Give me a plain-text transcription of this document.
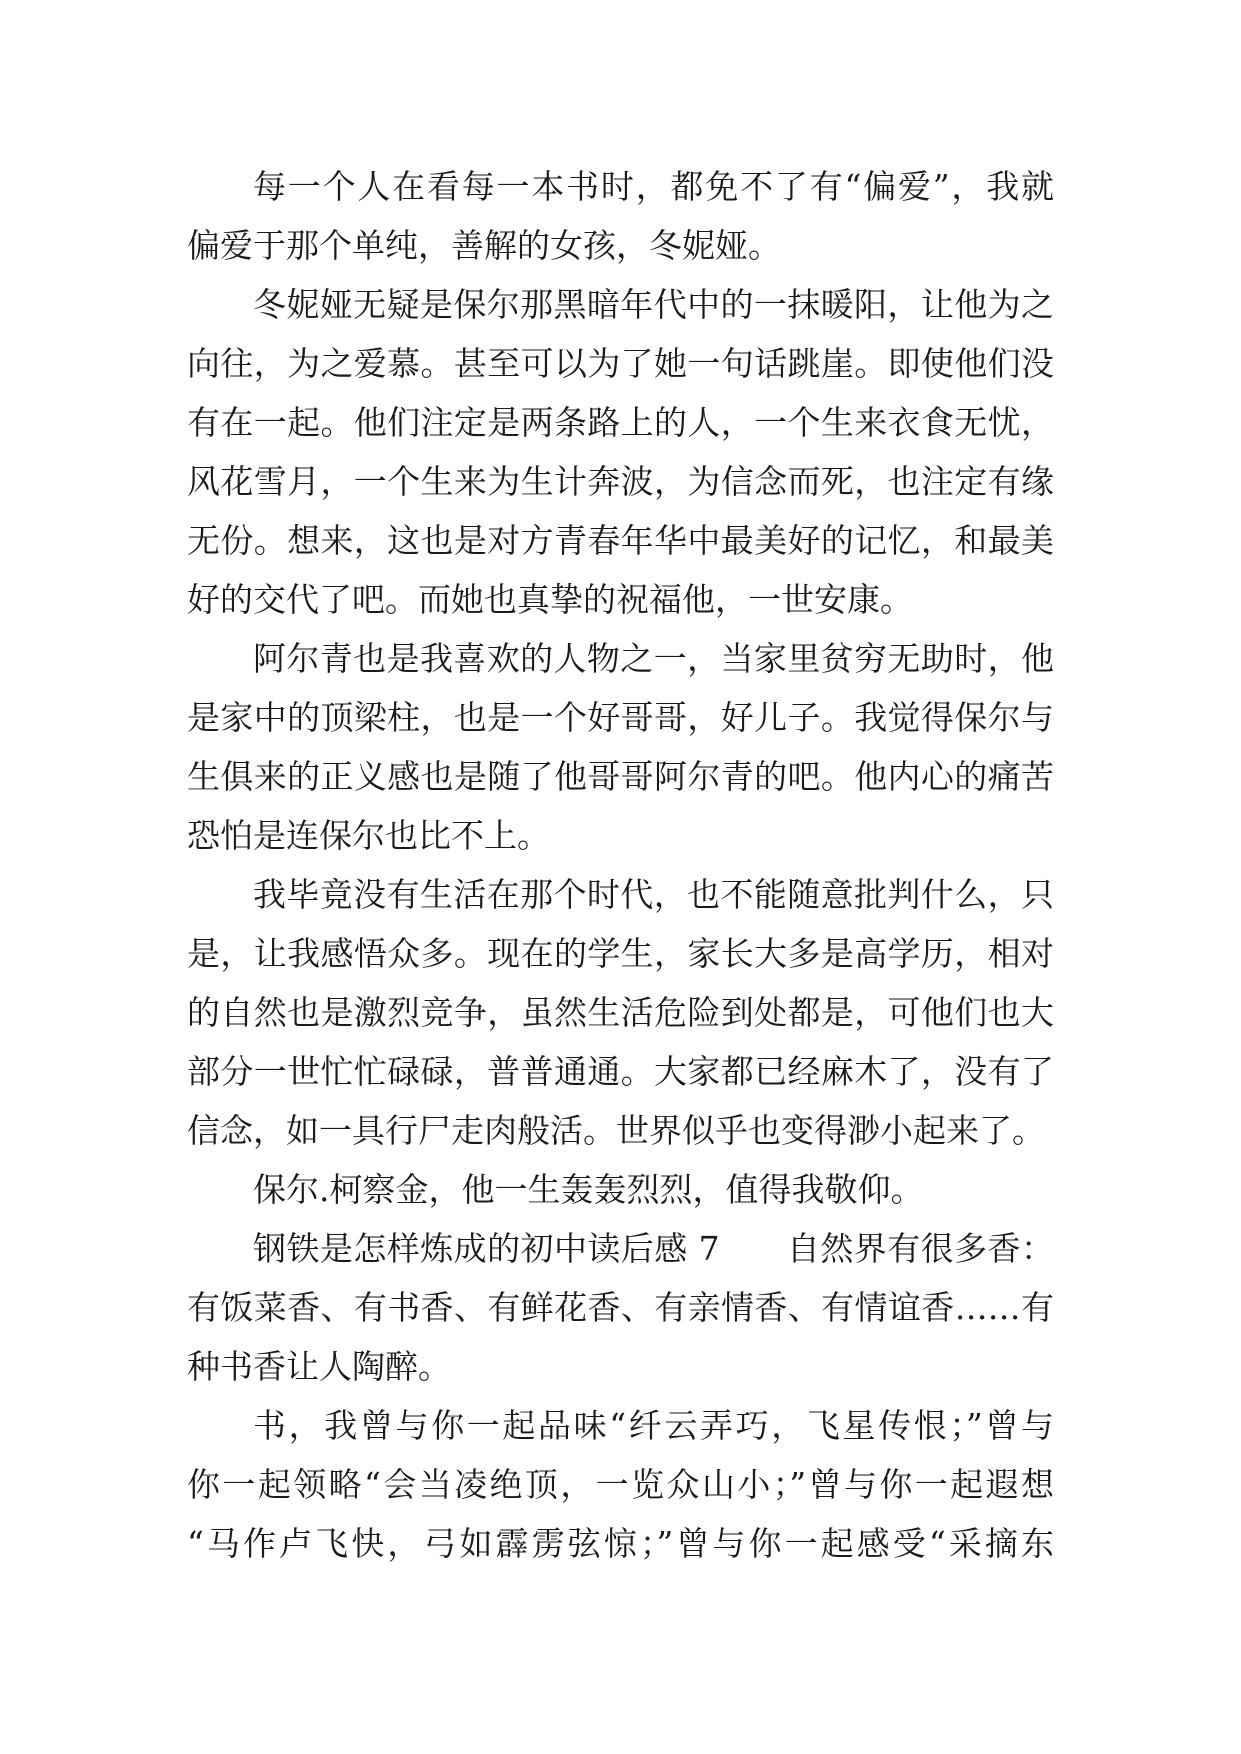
每一个人在看每一本书时，都免不了有“偏爱”，我就
偏爱于那个单纯，善解的女孩，冬妮娅。
冬妮娅无疑是保尔那黑暗年代中的一抹暖阳，让他为之
向往，为之爱慕。甚至可以为了她一句话跳崖。即使他们没
有在一起。他们注定是两条路上的人，一个生来衣食无忧，
风花雪月，一个生来为生计奔波，为信念而死，也注定有缘
无份。想来，这也是对方青春年华中最美好的记忆，和最美
好的交代了吧。而她也真挚的祝福他，一世安康。
阿尔青也是我喜欢的人物之一，当家里贫穷无助时，他
是家中的顶梁柱，也是一个好哥哥，好儿子。我觉得保尔与
生俱来的正义感也是随了他哥哥阿尔青的吧。他内心的痛苦
恐怕是连保尔也比不上。
我毕竟没有生活在那个时代，也不能随意批判什么，只
是，让我感悟众多。现在的学生，家长大多是高学历，相对
的自然也是激烈竞争，虽然生活危险到处都是，可他们也大
部分一世忙忙碌碌，普普通通。大家都已经麻木了，没有了
信念，如一具行尸走肉般活。世界似乎也变得渺小起来了。
保尔.柯察金，他一生轰轰烈烈，值得我敬仰。
钢铁是怎样炼成的初中读后感 7　　自然界有很多香：
有饭菜香、有书香、有鲜花香、有亲情香、有情谊香……有
种书香让人陶醉。
书，我曾与你一起品味“纤云弄巧，飞星传恨；”曾与
你一起领略“会当凌绝顶，一览众山小；”曾与你一起遐想
“马作卢飞快，弓如霹雳弦惊；”曾与你一起感受“采摘东
